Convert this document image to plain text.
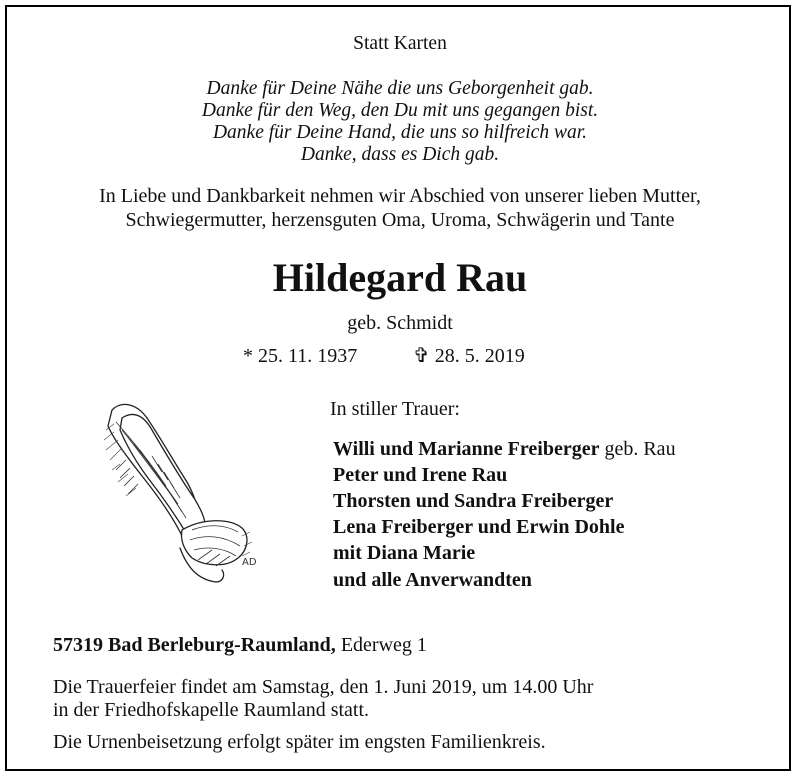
Statt Karten
Danke für Deine Nähe die uns Geborgenheit gab.
Danke für den Weg, den Du mit uns gegangen bist.
Danke für Deine Hand, die uns so hilfreich war.
Danke, dass es Dich gab.
In Liebe und Dankbarkeit nehmen wir Abschied von unserer lieben Mutter,
Schwiegermutter, herzensguten Oma, Uroma, Schwägerin und Tante
Hildegard Rau
geb. Schmidt
* 25. 11. 1937	✞ 28. 5. 2019
AD
In stiller Trauer:
Willi und Marianne Freiberger geb. Rau
Peter und Irene Rau
Thorsten und Sandra Freiberger
Lena Freiberger und Erwin Dohle
mit Diana Marie
und alle Anverwandten
57319 Bad Berleburg-Raumland, Ederweg 1
Die Trauerfeier findet am Samstag, den 1. Juni 2019, um 14.00 Uhr
in der Friedhofskapelle Raumland statt.
Die Urnenbeisetzung erfolgt später im engsten Familienkreis.
